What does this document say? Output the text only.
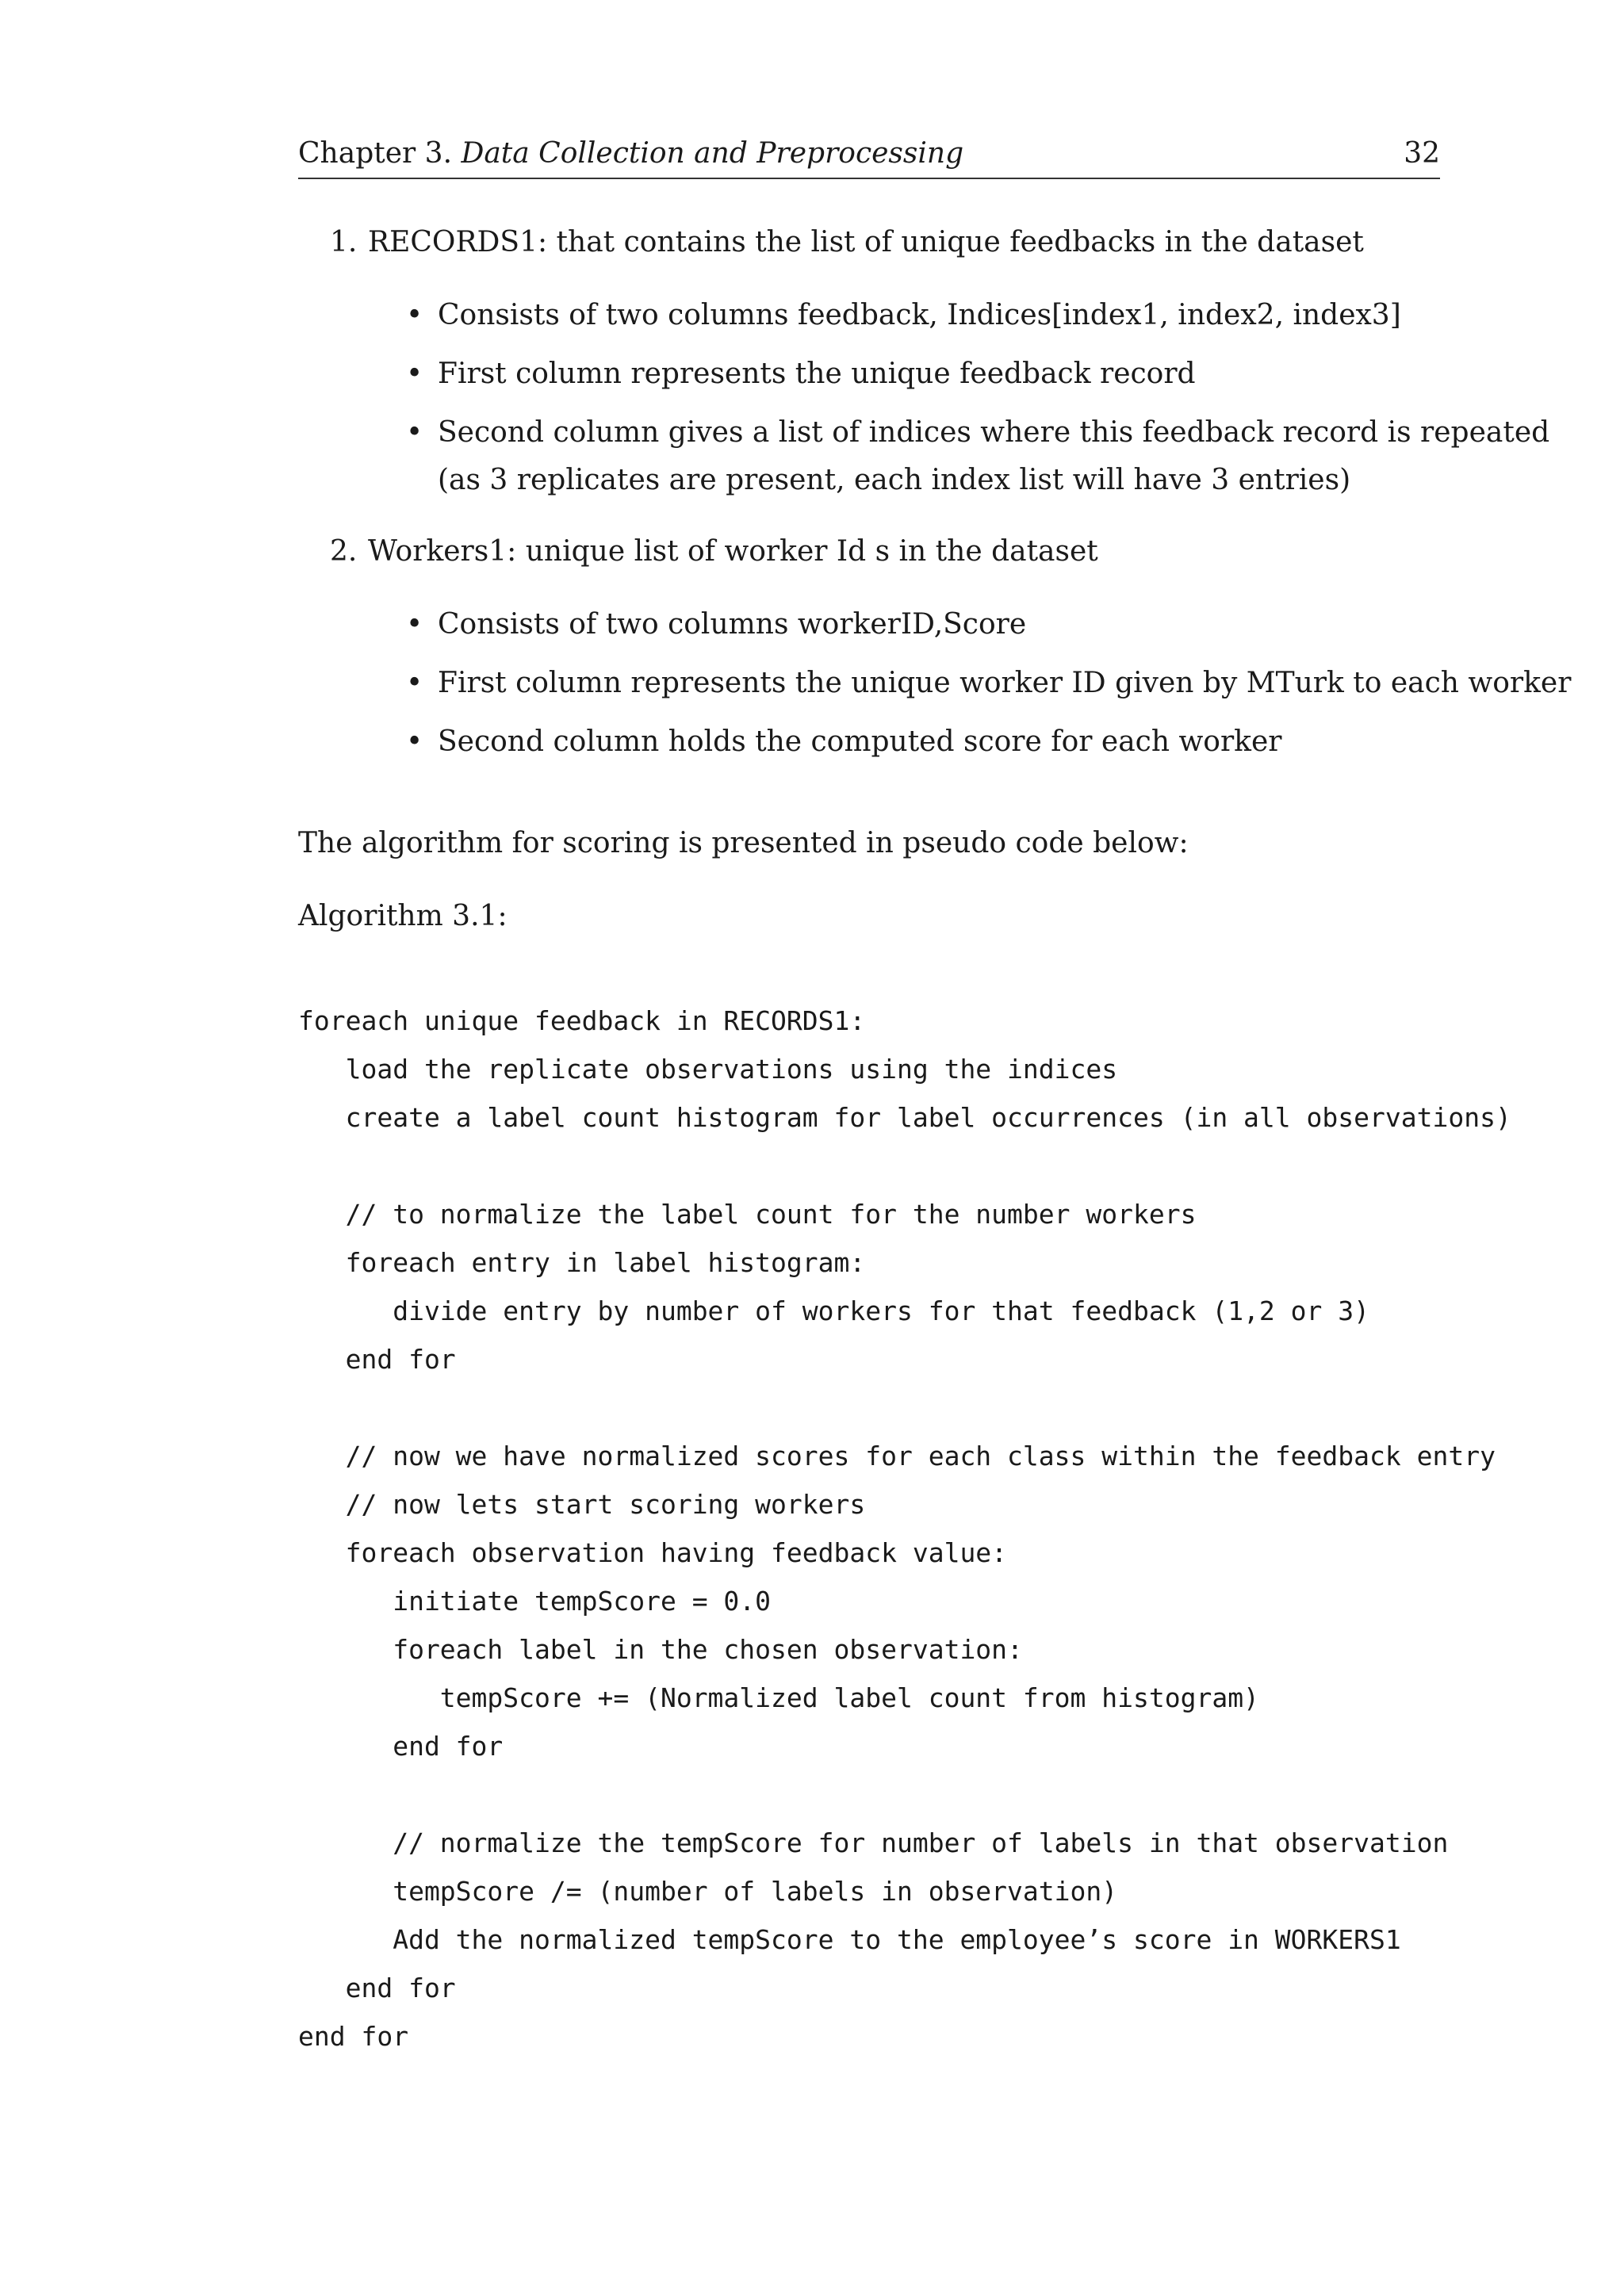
Chapter 3. Data Collection and Preprocessing	32
1. RECORDS1: that contains the list of unique feedbacks in the dataset
• Consists of two columns feedback, Indices[index1, index2, index3]
• First column represents the unique feedback record
• Second column gives a list of indices where this feedback record is repeated
(as 3 replicates are present, each index list will have 3 entries)
2. Workers1: unique list of worker Id s in the dataset
• Consists of two columns workerID,Score
• First column represents the unique worker ID given by MTurk to each worker
• Second column holds the computed score for each worker
The algorithm for scoring is presented in pseudo code below:
Algorithm 3.1:
foreach unique feedback in RECORDS1:
load the replicate observations using the indices
create a label count histogram for label occurrences (in all observations)
// to normalize the label count for the number workers
foreach entry in label histogram:
divide entry by number of workers for that feedback (1,2 or 3)
end for
// now we have normalized scores for each class within the feedback entry
// now lets start scoring workers
foreach observation having feedback value:
initiate tempScore = 0.0
foreach label in the chosen observation:
tempScore += (Normalized label count from histogram)
end for
// normalize the tempScore for number of labels in that observation
tempScore /= (number of labels in observation)
Add the normalized tempScore to the employee’s score in WORKERS1
end for
end for
